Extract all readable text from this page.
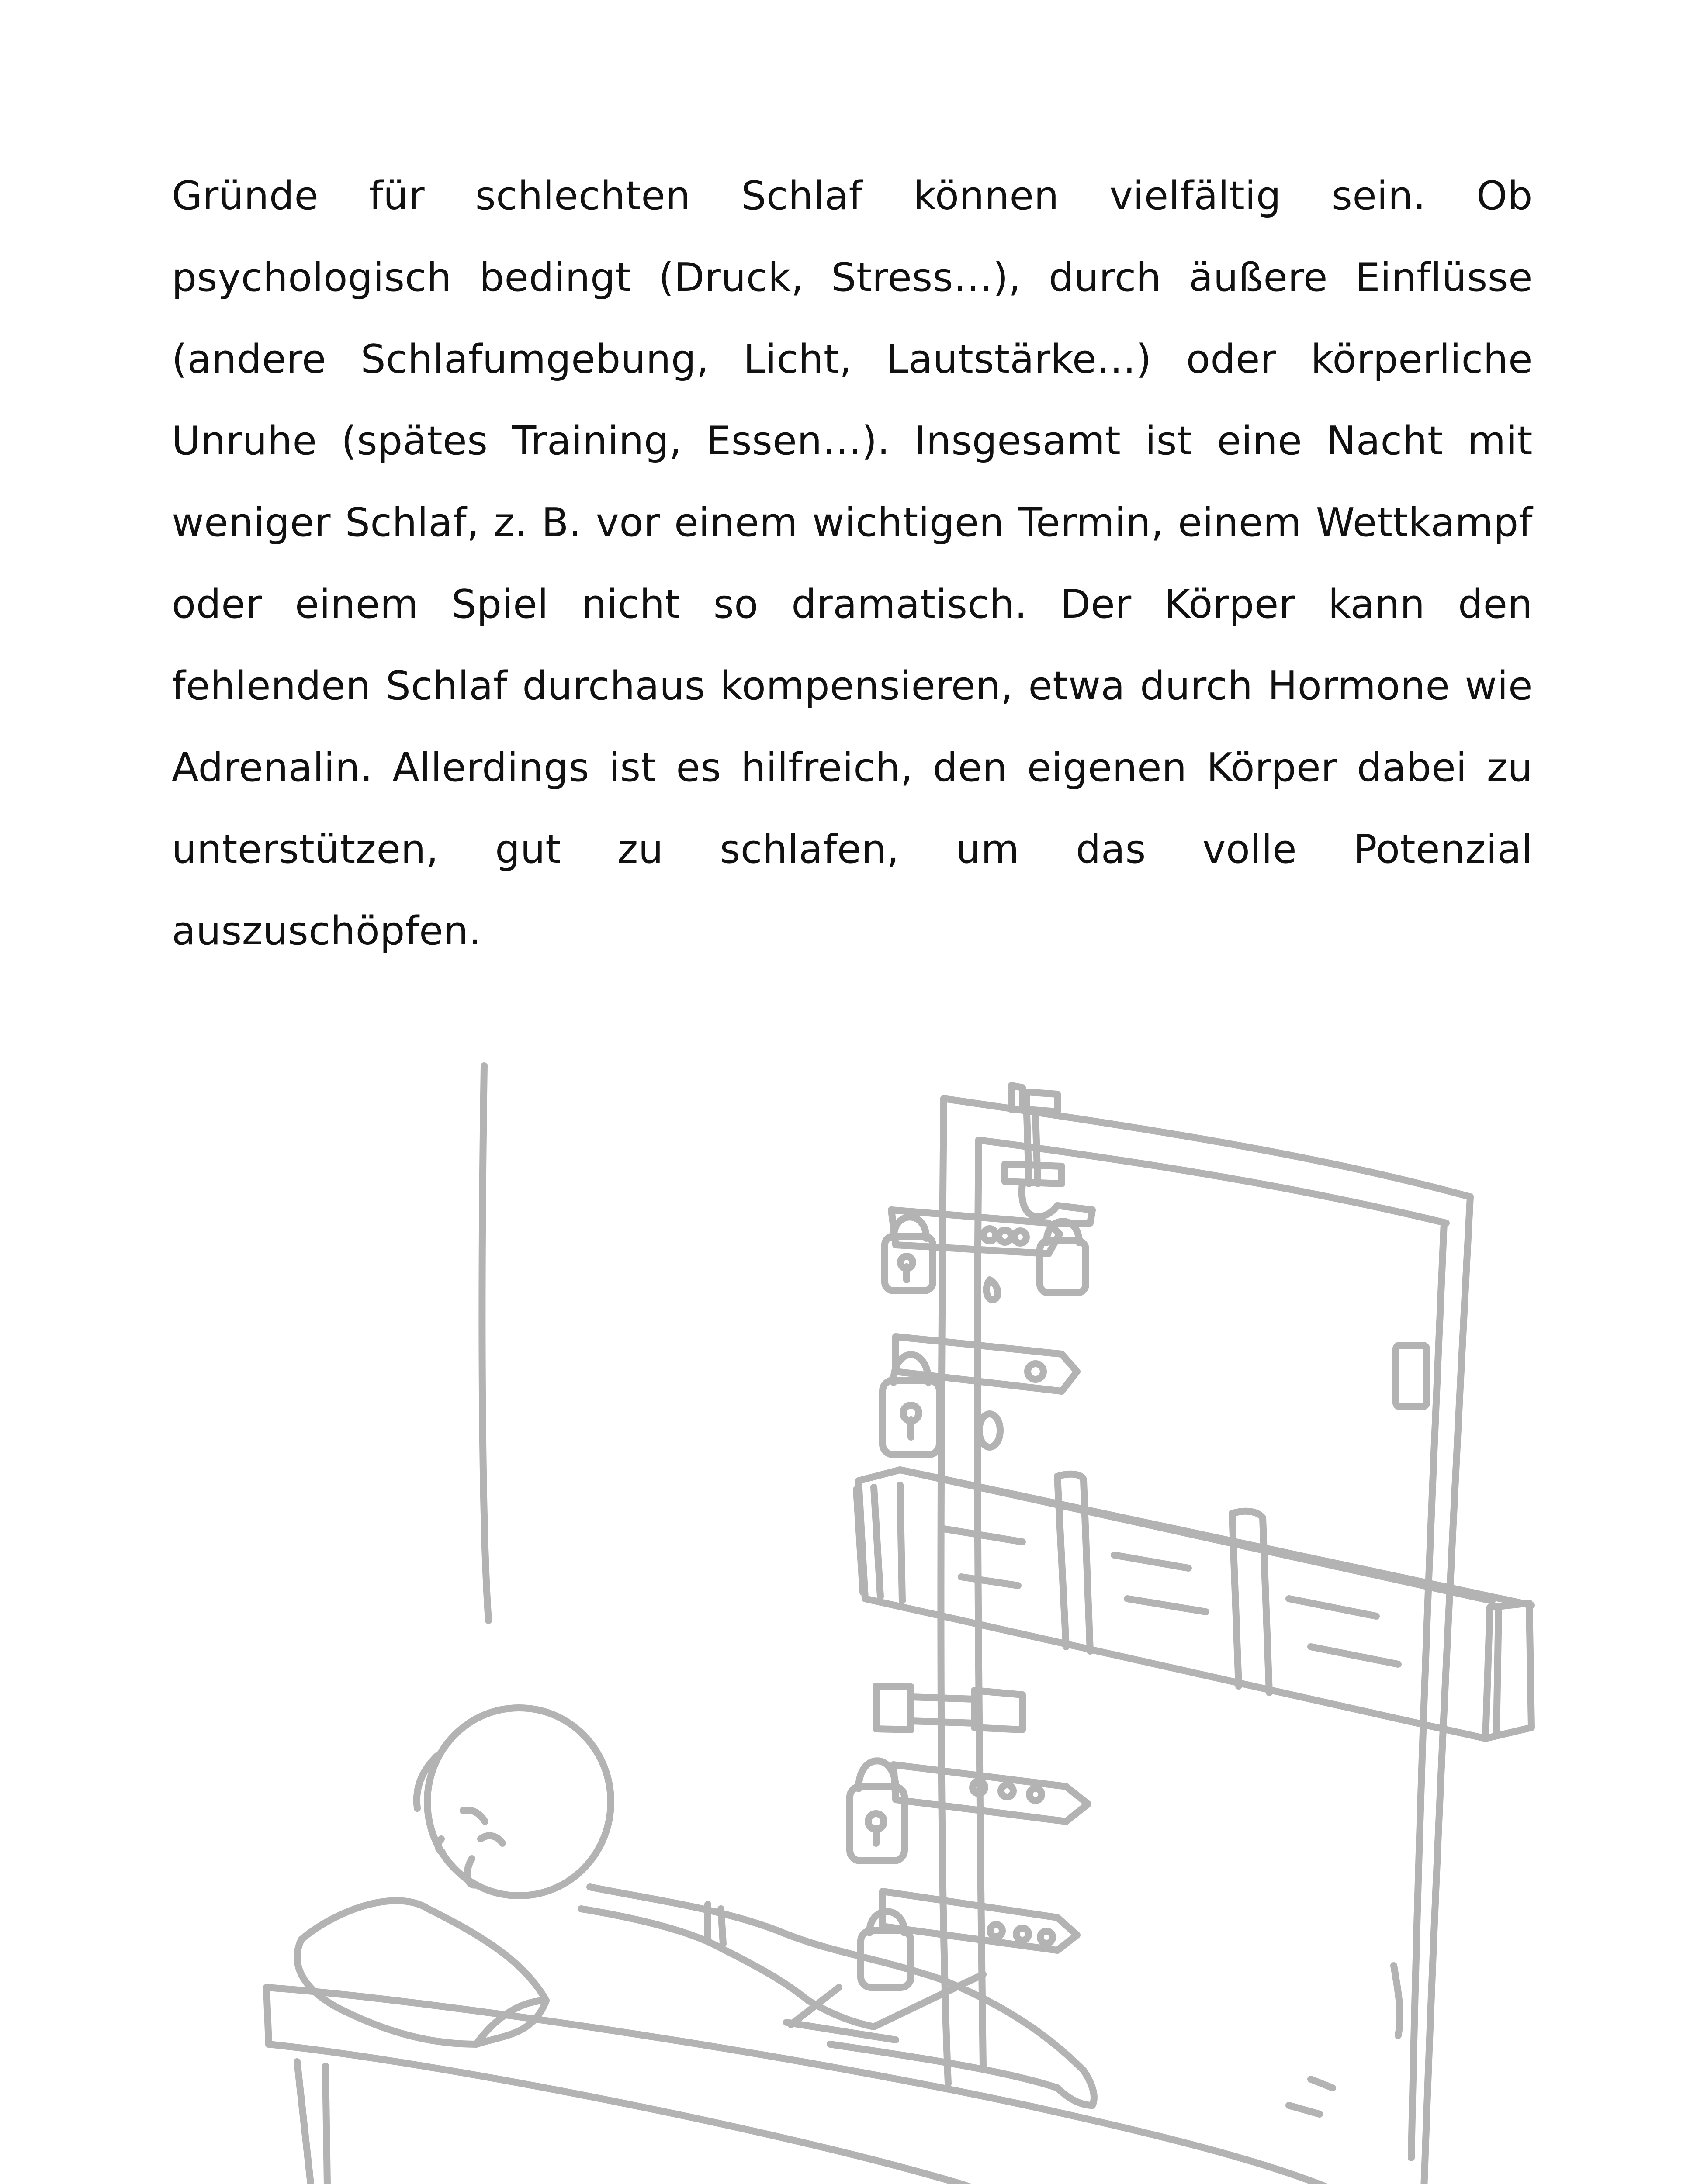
Gründe für schlechten Schlaf können vielfältig sein. Ob psychologisch bedingt (Druck, Stress…), durch äußere Einflüsse (andere Schlafumgebung, Licht, Lautstärke…) oder körperliche Unruhe (spätes Training, Essen…). Insgesamt ist eine Nacht mit weniger Schlaf, z. B. vor einem wichtigen Termin, einem Wettkampf oder einem Spiel nicht so dramatisch. Der Körper kann den fehlenden Schlaf durchaus kompensieren, etwa durch Hormone wie Adrenalin. Allerdings ist es hilfreich, den eigenen Körper dabei zu unterstützen, gut zu schlafen, um das volle Potenzial auszuschöpfen.
